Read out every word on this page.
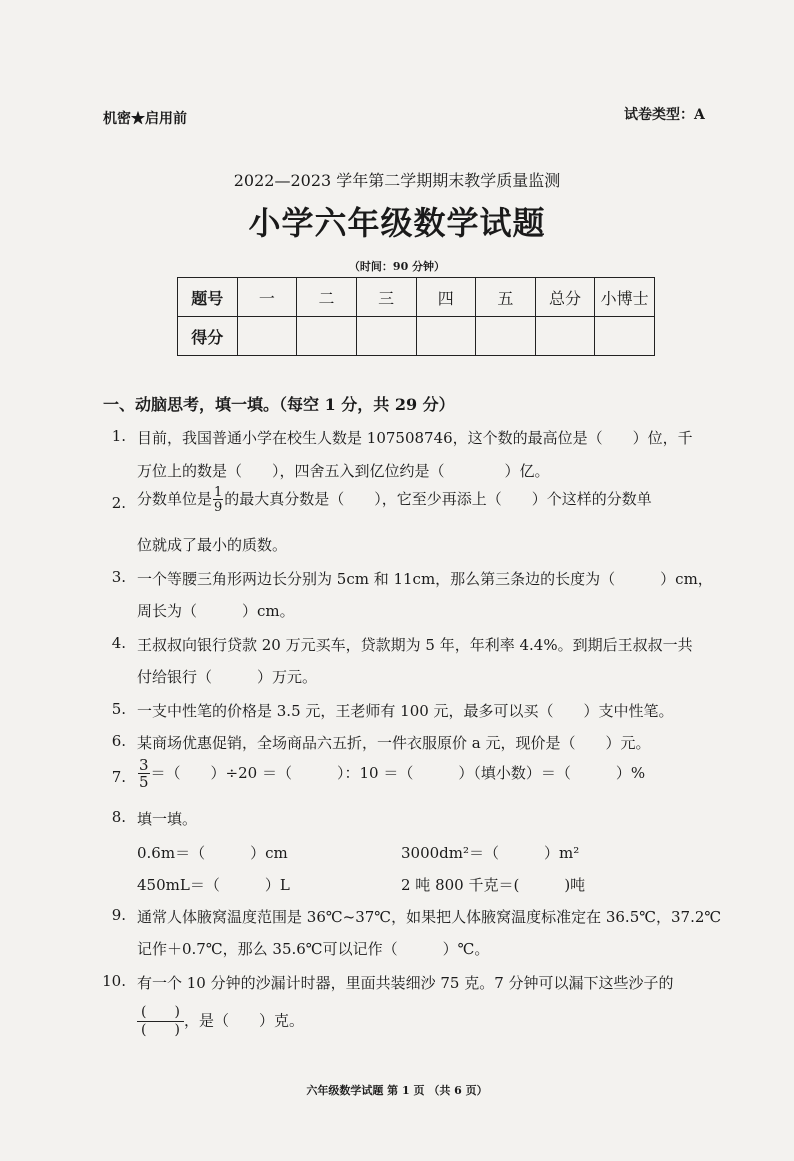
机密★启用前	试卷类型：A
2022—2023 学年第二学期期末教学质量监测
小学六年级数学试题
（时间：90 分钟）
题号	一	二	三	四	五	总分	小博士
得分							
一、动脑思考，填一填。（每空 1 分，共 29 分）
1. 目前，我国普通小学在校生人数是 107508746，这个数的最高位是（　　）位，千
万位上的数是（　　），四舍五入到亿位约是（　　　　）亿。
2. 分数单位是 $\frac{1}{9}$ 的最大真分数是（　　），它至少再添上（　　）个这样的分数单
位就成了最小的质数。
3. 一个等腰三角形两边长分别为 5cm 和 11cm，那么第三条边的长度为（　　　）cm，
周长为（　　　）cm。
4. 王叔叔向银行贷款 20 万元买车，贷款期为 5 年，年利率 4.4%。到期后王叔叔一共
付给银行（　　　）万元。
5. 一支中性笔的价格是 3.5 元，王老师有 100 元，最多可以买（　　）支中性笔。
6. 某商场优惠促销，全场商品六五折，一件衣服原价 a 元，现价是（　　）元。
7. $\frac{3}{5}$ ＝（　　）÷20 ＝（　　　）：10 ＝（　　　）（填小数）＝（　　　）%
8. 填一填。
0.6m＝（　　　）cm	3000dm²＝（　　　）m²
450mL＝（　　　）L	2 吨 800 千克＝(　　　)吨
9. 通常人体腋窝温度范围是 36℃~37℃，如果把人体腋窝温度标准定在 36.5℃，37.2℃
记作＋0.7℃，那么 35.6℃可以记作（　　　）℃。
10. 有一个 10 分钟的沙漏计时器，里面共装细沙 75 克。7 分钟可以漏下这些沙子的
(　　)
(　　)
，是（　　）克。
六年级数学试题 第 1 页 （共 6 页）
